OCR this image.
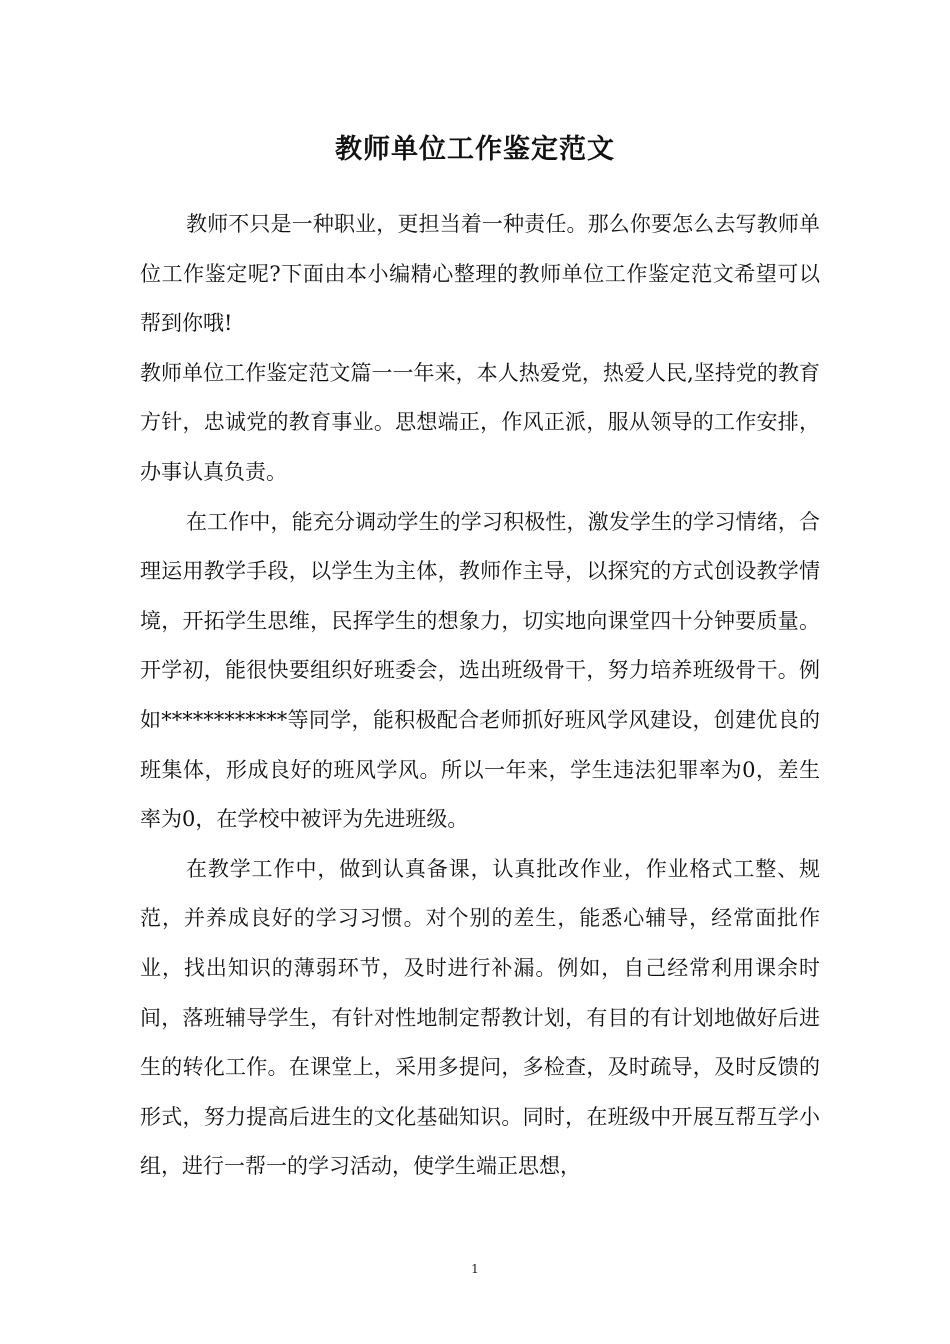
教师单位工作鉴定范文

教师不只是一种职业，更担当着一种责任。那么你要怎么去写教师单位工作鉴定呢?下面由本小编精心整理的教师单位工作鉴定范文希望可以帮到你哦!

教师单位工作鉴定范文篇一一年来，本人热爱党，热爱人民,坚持党的教育方针，忠诚党的教育事业。思想端正，作风正派，服从领导的工作安排，办事认真负责。

在工作中，能充分调动学生的学习积极性，激发学生的学习情绪，合理运用教学手段，以学生为主体，教师作主导，以探究的方式创设教学情境，开拓学生思维，民挥学生的想象力，切实地向课堂四十分钟要质量。开学初，能很快要组织好班委会，选出班级骨干，努力培养班级骨干。例如************等同学，能积极配合老师抓好班风学风建设，创建优良的班集体，形成良好的班风学风。所以一年来，学生违法犯罪率为0，差生率为0，在学校中被评为先进班级。

在教学工作中，做到认真备课，认真批改作业，作业格式工整、规范，并养成良好的学习习惯。对个别的差生，能悉心辅导，经常面批作业，找出知识的薄弱环节，及时进行补漏。例如，自己经常利用课余时间，落班辅导学生，有针对性地制定帮教计划，有目的有计划地做好后进生的转化工作。在课堂上，采用多提问，多检查，及时疏导，及时反馈的形式，努力提高后进生的文化基础知识。同时，在班级中开展互帮互学小组，进行一帮一的学习活动，使学生端正思想，

1
